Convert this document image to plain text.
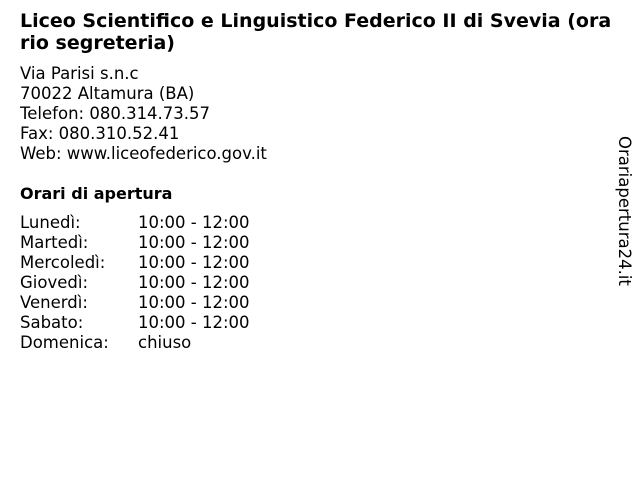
Liceo Scientifico e Linguistico Federico II di Svevia (orario segreteria)
Via Parisi s.n.c
70022 Altamura (BA)
Telefon: 080.314.73.57
Fax: 080.310.52.41
Web: www.liceofederico.gov.it
Orari di apertura
Lunedì:	10:00 - 12:00
Martedì:	10:00 - 12:00
Mercoledì: 10:00 - 12:00
Giovedì:	10:00 - 12:00
Venerdì:	10:00 - 12:00
Sabato:	10:00 - 12:00
Domenica: chiuso
Orariapertura24.it
